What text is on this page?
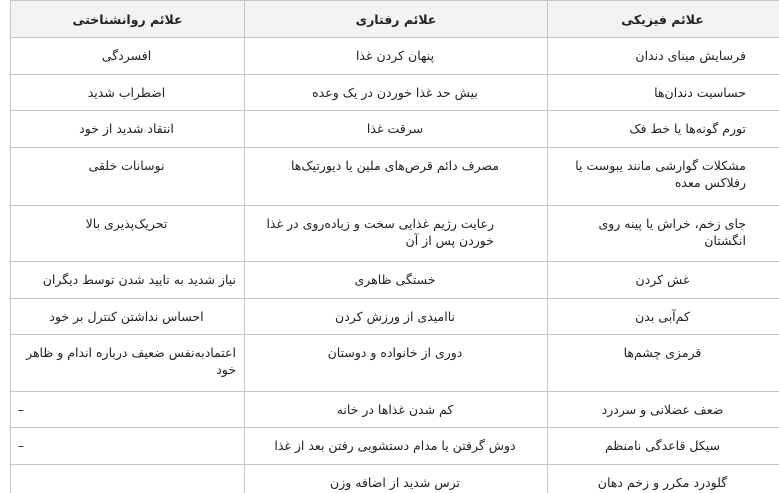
علائم فیزیکی	علائم رفتاری	علائم روانشناختی
فرسایش مینای دندان	پنهان کردن غذا	افسردگی
حساسیت دندان‌ها	بیش حد غذا خوردن در یک وعده	اضطراب شدید
تورم گونه‌ها یا خط فک	سرقت غذا	انتقاد شدید از خود
مشکلات گوارشی مانند یبوست یا رفلاکس معده	مصرف دائم قرص‌های ملین یا دیورتیک‌ها	نوسانات خلقی
جای زخم، خراش یا پینه روی انگشتان	رعایت رژیم غذایی سخت و زیاده‌روی در غذا خوردن پس از آن	تحریک‌پذیری بالا
غش کردن	خستگی ظاهری	نیاز شدید به تایید شدن توسط دیگران
کم‌آبی بدن	ناامیدی از ورزش کردن	احساس نداشتن کنترل بر خود
قرمزی چشم‌ها	دوری از خانواده و دوستان	اعتمادبه‌نفس ضعیف درباره اندام و ظاهر خود
ضعف عضلانی و سردرد	کم شدن غذاها در خانه	–
سیکل قاعدگی نامنظم	دوش گرفتن یا مدام دستشویی رفتن بعد از غذا	–
گلودرد مکرر و زخم دهان	ترس شدید از اضافه وزن	
